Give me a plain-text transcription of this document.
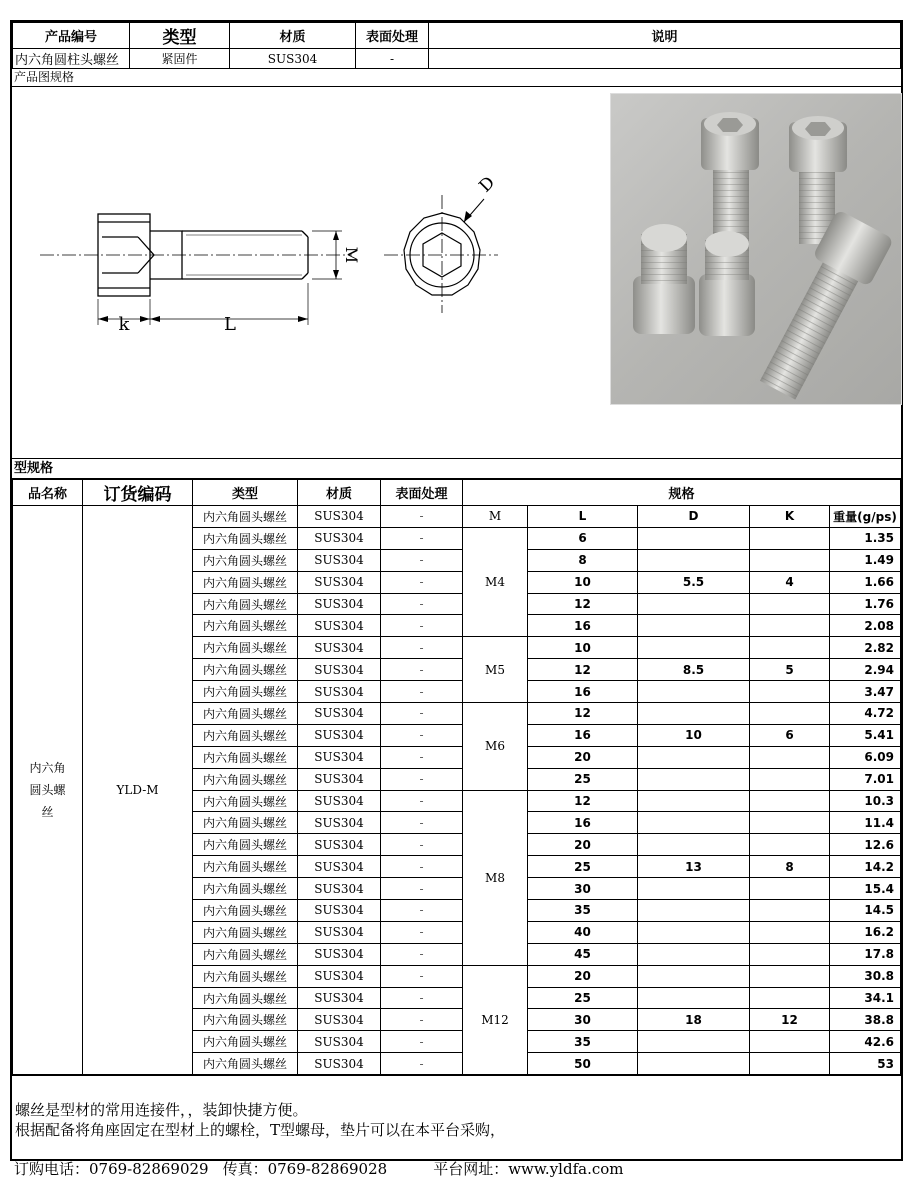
产品编号	类型	材质	表面处理	说明
内六角圆柱头螺丝	紧固件	SUS304	-	
产品图规格
k	L
M
D
型规格
品名称	订货编码	类型	材质	表面处理	规格				

内六角
圆头螺
丝	YLD-M	内六角圆头螺丝	SUS304	-	M	L	D	K	重量(g/ps)
		内六角圆头螺丝	SUS304	-	M4	6			1.35
		内六角圆头螺丝	SUS304	-		8			1.49
		内六角圆头螺丝	SUS304	-		10	5.5	4	1.66
		内六角圆头螺丝	SUS304	-		12			1.76
		内六角圆头螺丝	SUS304	-		16			2.08
		内六角圆头螺丝	SUS304	-	M5	10			2.82
		内六角圆头螺丝	SUS304	-		12	8.5	5	2.94
		内六角圆头螺丝	SUS304	-		16			3.47
		内六角圆头螺丝	SUS304	-	M6	12			4.72
		内六角圆头螺丝	SUS304	-		16	10	6	5.41
		内六角圆头螺丝	SUS304	-		20			6.09
		内六角圆头螺丝	SUS304	-		25			7.01
		内六角圆头螺丝	SUS304	-	M8	12			10.3
		内六角圆头螺丝	SUS304	-		16			11.4
		内六角圆头螺丝	SUS304	-		20			12.6
		内六角圆头螺丝	SUS304	-		25	13	8	14.2
		内六角圆头螺丝	SUS304	-		30			15.4
		内六角圆头螺丝	SUS304	-		35			14.5
		内六角圆头螺丝	SUS304	-		40			16.2
		内六角圆头螺丝	SUS304	-		45			17.8
		内六角圆头螺丝	SUS304	-	M12	20			30.8
		内六角圆头螺丝	SUS304	-		25			34.1
		内六角圆头螺丝	SUS304	-		30	18	12	38.8
		内六角圆头螺丝	SUS304	-		35			42.6
		内六角圆头螺丝	SUS304	-		50			53
螺丝是型材的常用连接件，，装卸快捷方便。
根据配备将角座固定在型材上的螺栓，T型螺母，垫片可以在本平台采购，
订购电话：0769-82869029 传真：0769-82869028	平台网址：www.yldfa.com
